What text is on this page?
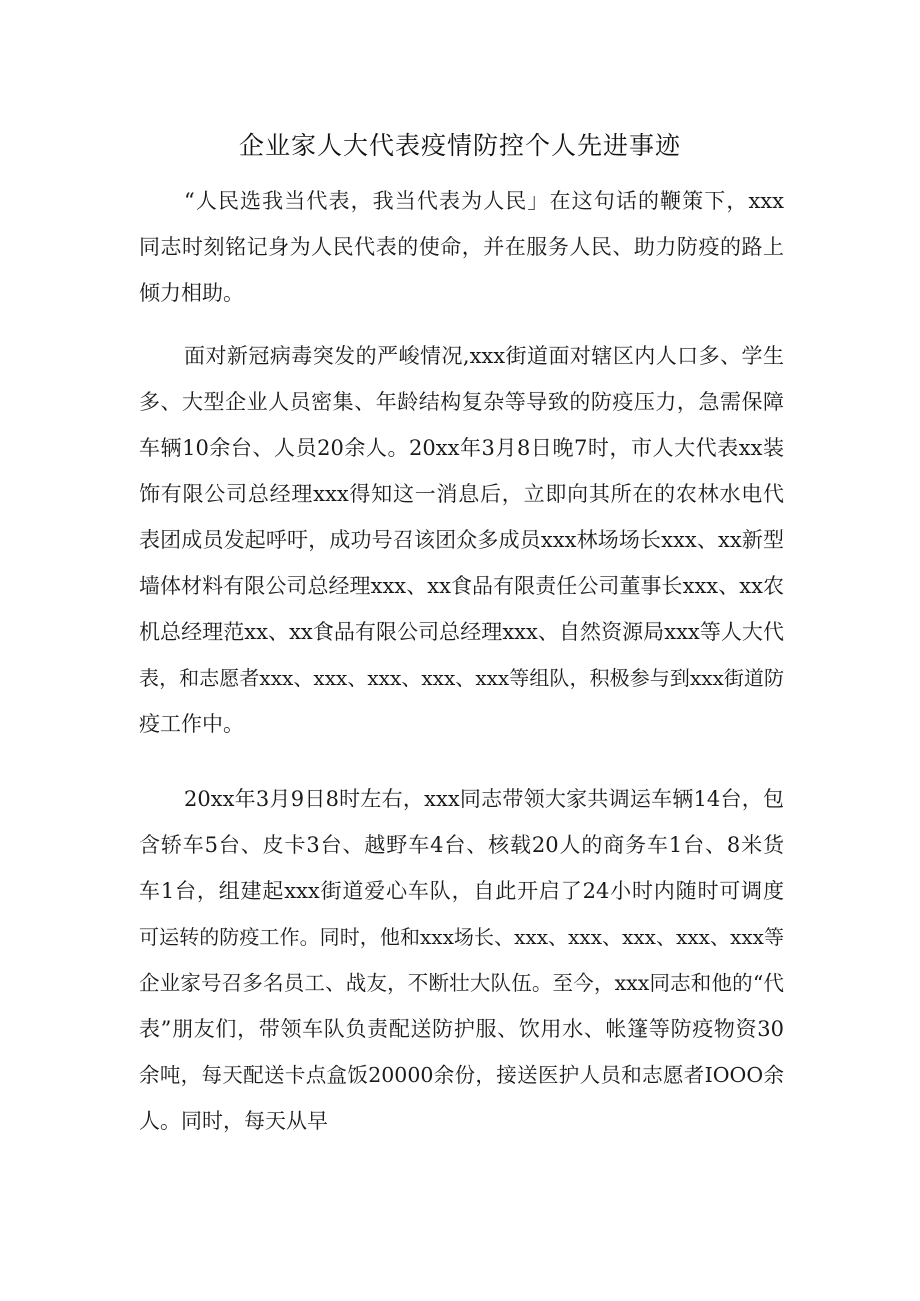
企业家人大代表疫情防控个人先进事迹

“人民选我当代表，我当代表为人民」在这句话的鞭策下，xxx
同志时刻铭记身为人民代表的使命，并在服务人民、助力防疫的路上
倾力相助。

面对新冠病毒突发的严峻情况,xxx街道面对辖区内人口多、学生
多、大型企业人员密集、年龄结构复杂等导致的防疫压力，急需保障
车辆10余台、人员20余人。20xx年3月8日晚7时，市人大代表xx装
饰有限公司总经理xxx得知这一消息后，立即向其所在的农林水电代
表团成员发起呼吁，成功号召该团众多成员xxx林场场长xxx、xx新型
墙体材料有限公司总经理xxx、xx食品有限责任公司董事长xxx、xx农
机总经理范xx、xx食品有限公司总经理xxx、自然资源局xxx等人大代
表，和志愿者xxx、xxx、xxx、xxx、xxx等组队，积极参与到xxx街道防
疫工作中。

20xx年3月9日8时左右，xxx同志带领大家共调运车辆14台，包
含轿车5台、皮卡3台、越野车4台、核载20人的商务车1台、8米货
车1台，组建起xxx街道爱心车队，自此开启了24小时内随时可调度
可运转的防疫工作。同时，他和xxx场长、xxx、xxx、xxx、xxx、xxx等
企业家号召多名员工、战友，不断壮大队伍。至今，xxx同志和他的“代
表”朋友们，带领车队负责配送防护服、饮用水、帐篷等防疫物资30
余吨，每天配送卡点盒饭20000余份，接送医护人员和志愿者IOOO余
人。同时，每天从早
